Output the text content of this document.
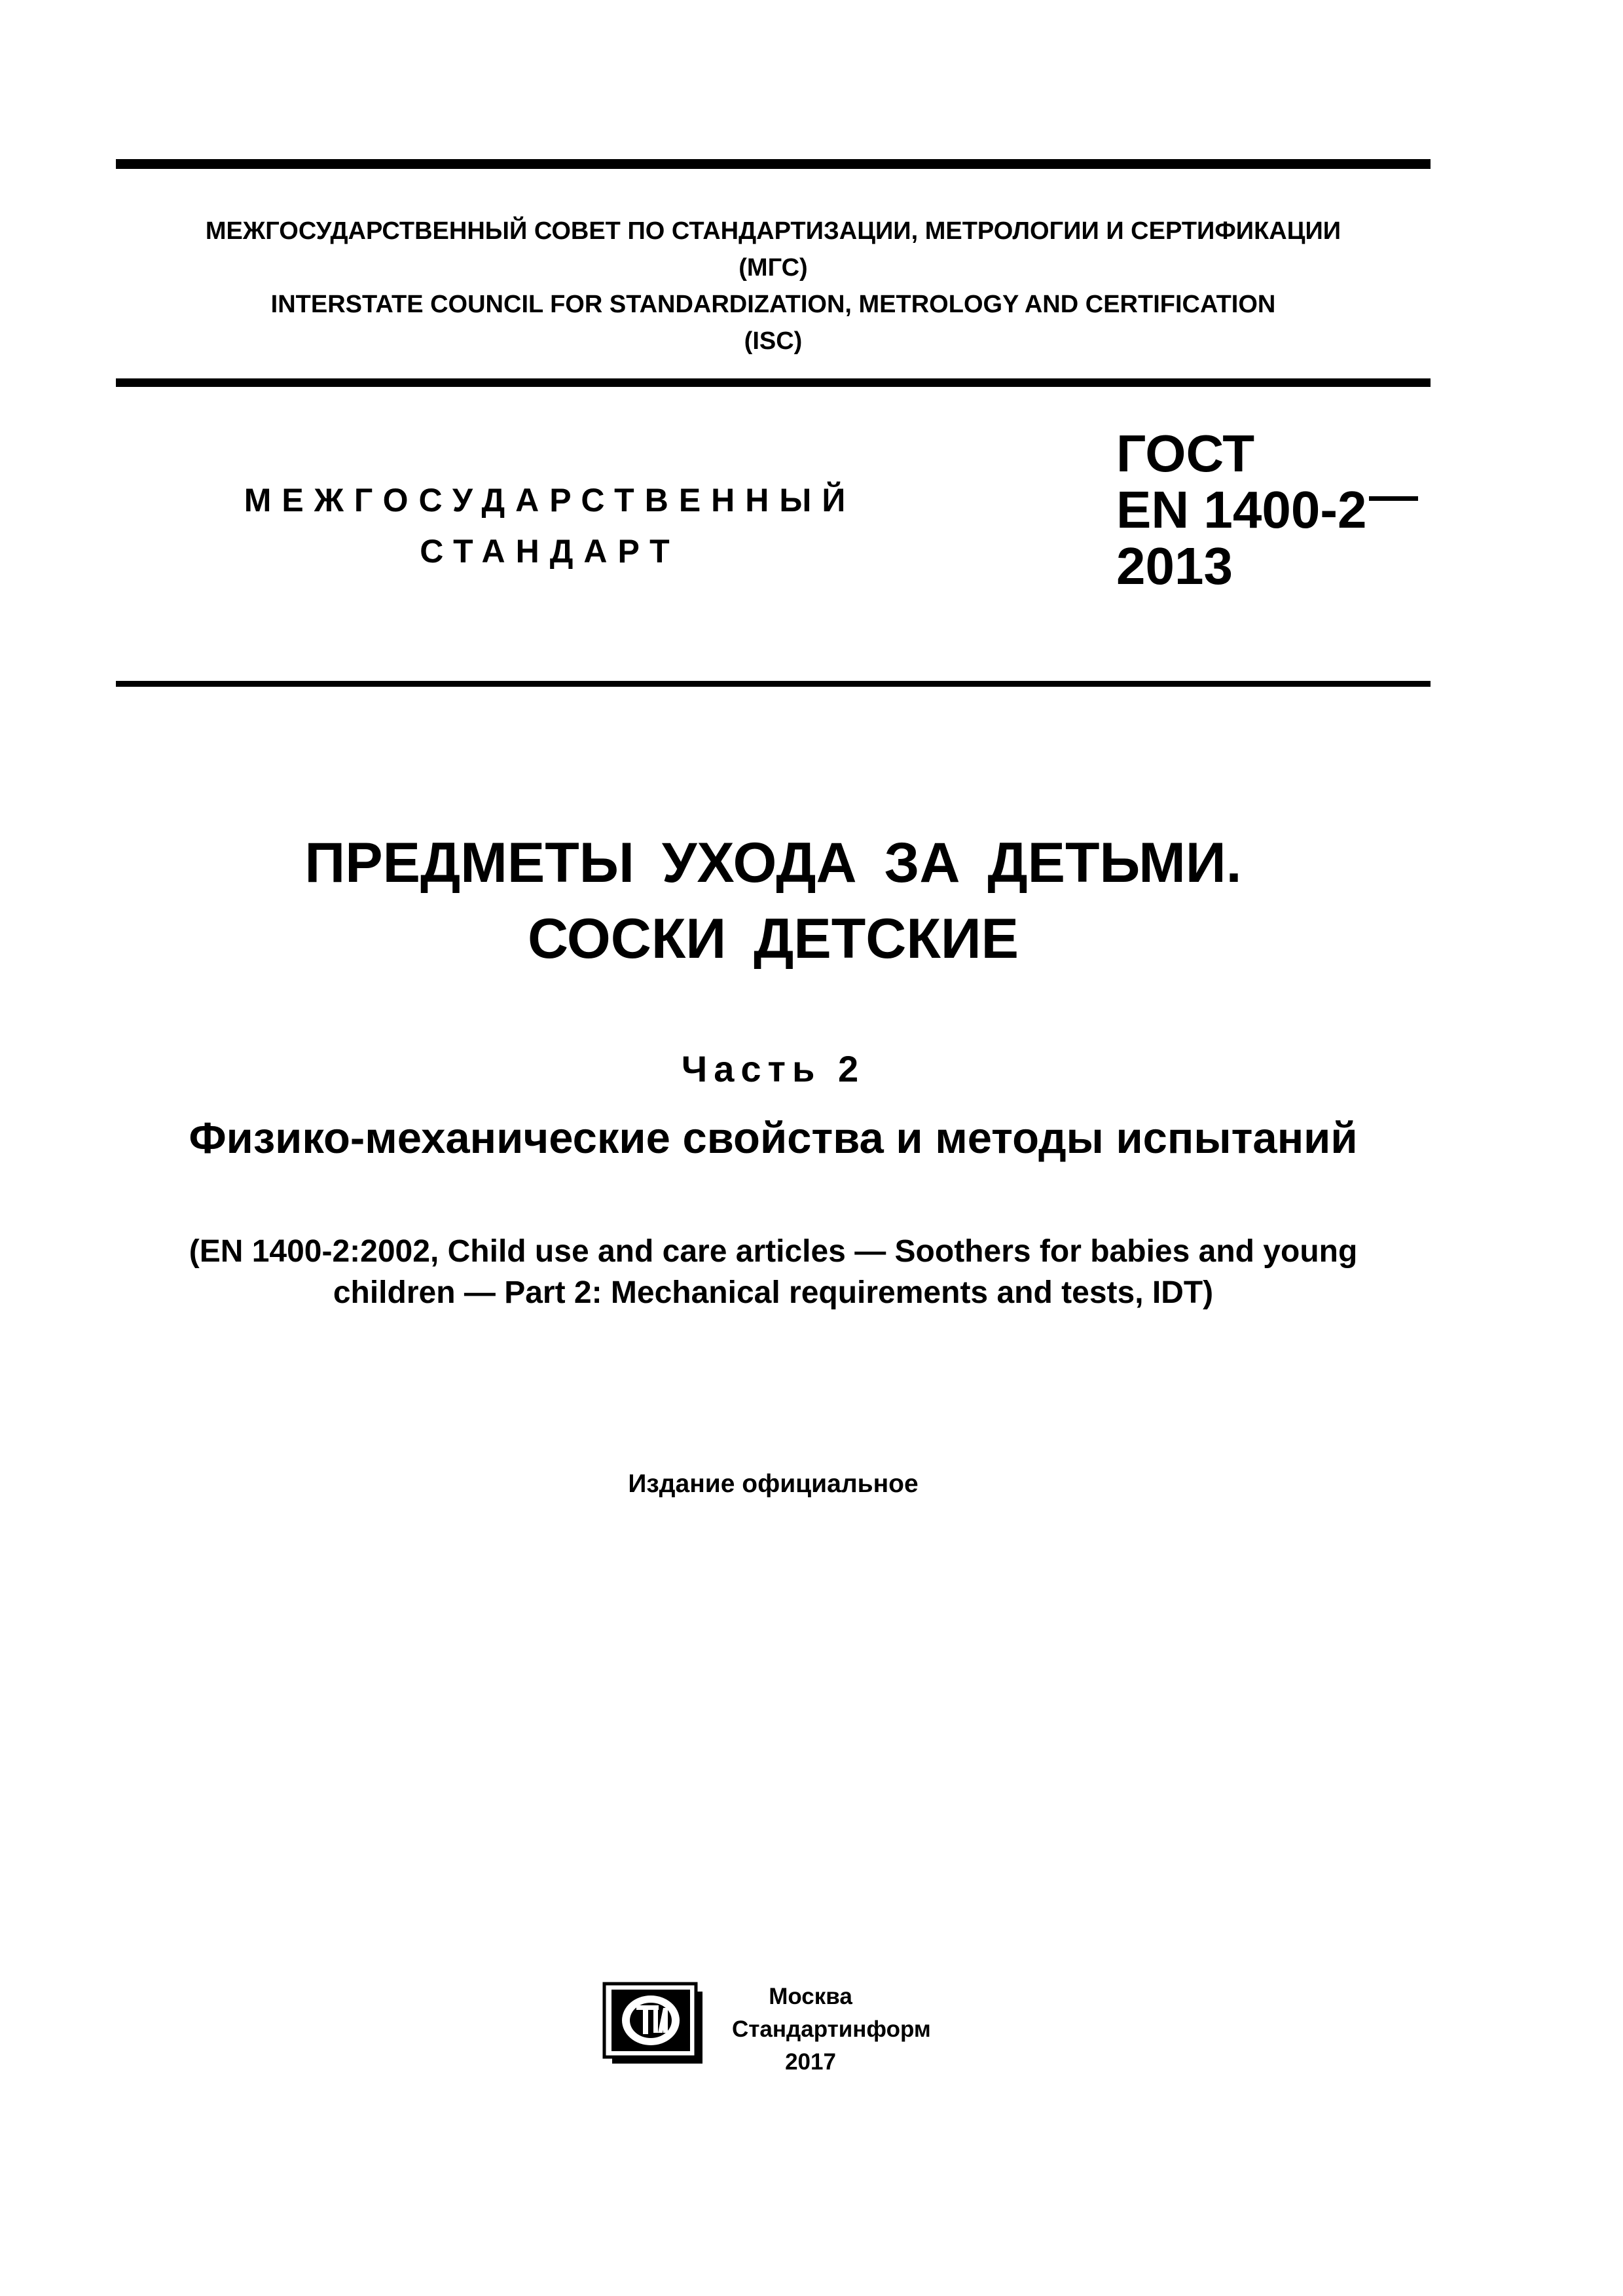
МЕЖГОСУДАРСТВЕННЫЙ СОВЕТ ПО СТАНДАРТИЗАЦИИ, МЕТРОЛОГИИ И СЕРТИФИКАЦИИ
(МГС)
INTERSTATE COUNCIL FOR STANDARDIZATION, METROLOGY AND CERTIFICATION
(ISC)
МЕЖГОСУДАРСТВЕННЫЙ
СТАНДАРТ
ГОСТ
EN 1400-2
2013
ПРЕДМЕТЫ УХОДА ЗА ДЕТЬМИ.
СОСКИ ДЕТСКИЕ
Часть 2
Физико-механические свойства и методы испытаний
(EN 1400-2:2002, Child use and care articles — Soothers for babies and young
children — Part 2: Mechanical requirements and tests, IDT)
Издание официальное
Москва
Стандартинформ
2017
